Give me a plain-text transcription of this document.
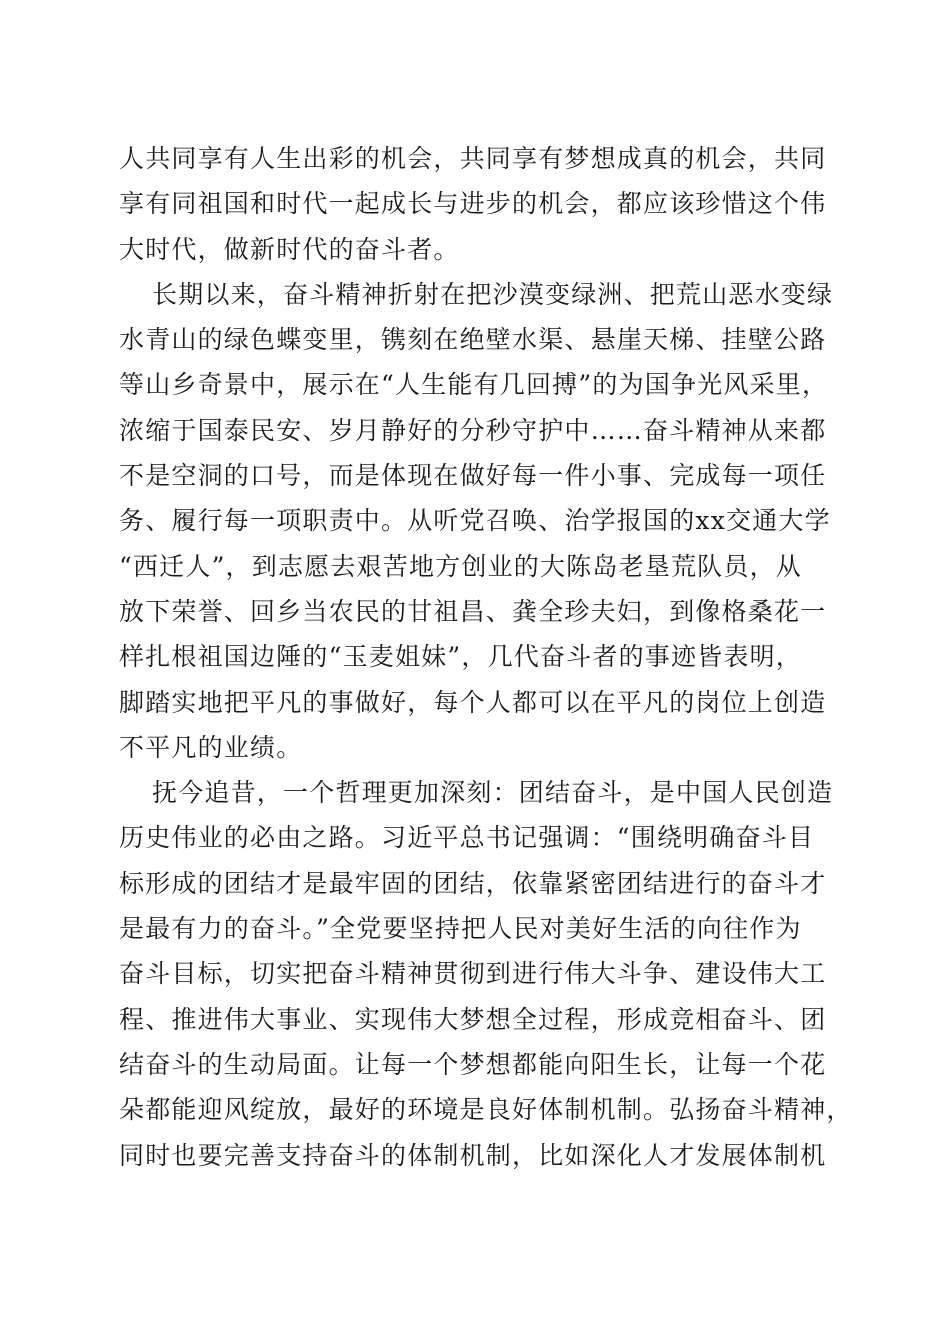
人共同享有人生出彩的机会，共同享有梦想成真的机会，共同
享有同祖国和时代一起成长与进步的机会，都应该珍惜这个伟
大时代，做新时代的奋斗者。
长期以来，奋斗精神折射在把沙漠变绿洲、把荒山恶水变绿
水青山的绿色蝶变里，镌刻在绝壁水渠、悬崖天梯、挂壁公路
等山乡奇景中，展示在“人生能有几回搏”的为国争光风采里，
浓缩于国泰民安、岁月静好的分秒守护中……奋斗精神从来都
不是空洞的口号，而是体现在做好每一件小事、完成每一项任
务、履行每一项职责中。从听党召唤、治学报国的xx交通大学
“西迁人”，到志愿去艰苦地方创业的大陈岛老垦荒队员，从
放下荣誉、回乡当农民的甘祖昌、龚全珍夫妇，到像格桑花一
样扎根祖国边陲的“玉麦姐妹”，几代奋斗者的事迹皆表明，
脚踏实地把平凡的事做好，每个人都可以在平凡的岗位上创造
不平凡的业绩。
抚今追昔，一个哲理更加深刻：团结奋斗，是中国人民创造
历史伟业的必由之路。习近平总书记强调：“围绕明确奋斗目
标形成的团结才是最牢固的团结，依靠紧密团结进行的奋斗才
是最有力的奋斗。”全党要坚持把人民对美好生活的向往作为
奋斗目标，切实把奋斗精神贯彻到进行伟大斗争、建设伟大工
程、推进伟大事业、实现伟大梦想全过程，形成竞相奋斗、团
结奋斗的生动局面。让每一个梦想都能向阳生长，让每一个花
朵都能迎风绽放，最好的环境是良好体制机制。弘扬奋斗精神，
同时也要完善支持奋斗的体制机制，比如深化人才发展体制机
